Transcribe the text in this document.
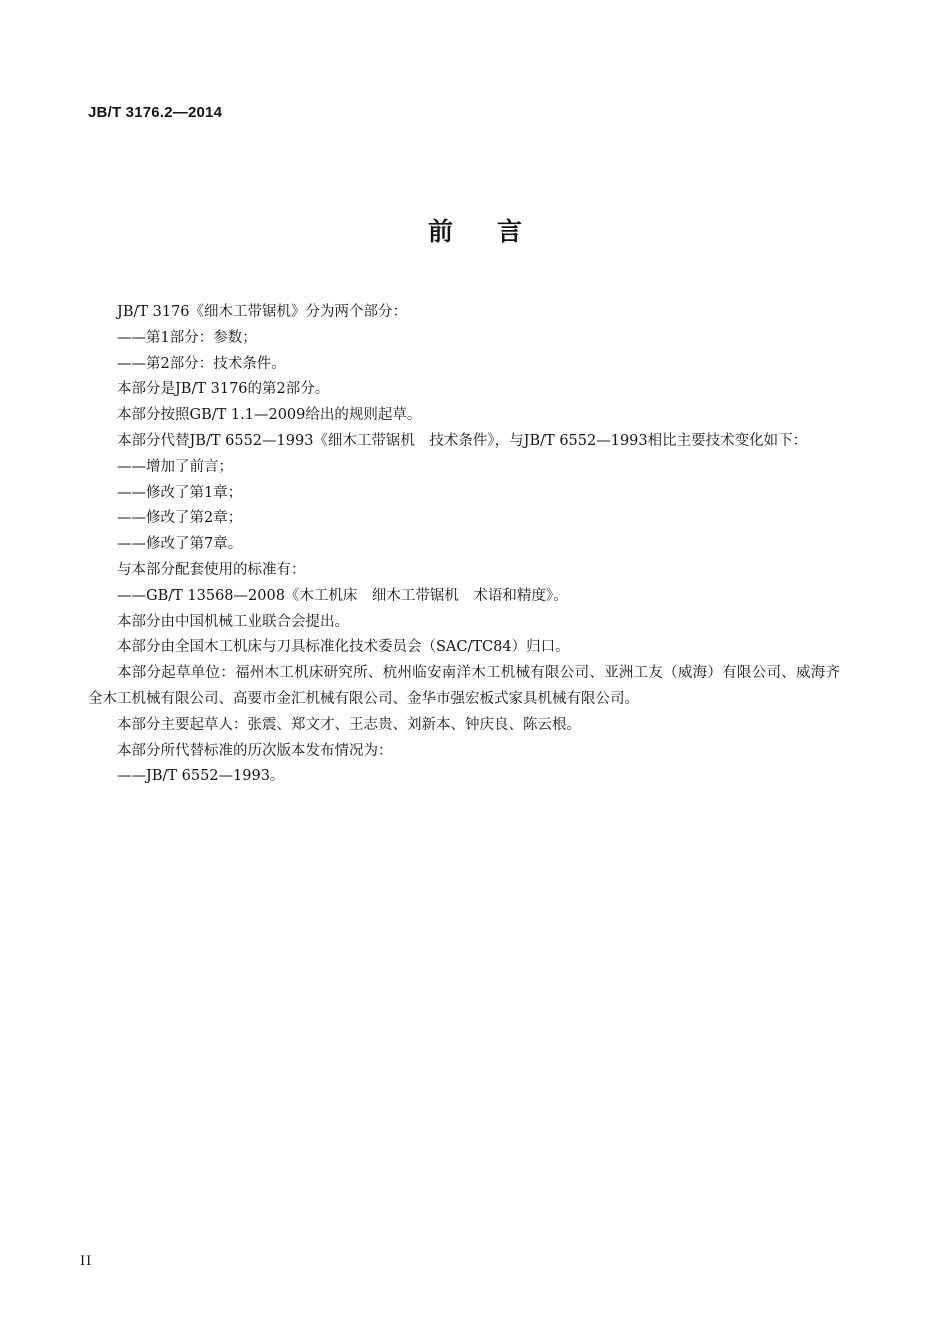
JB/T 3176.2—2014
前言

JB/T 3176《细木工带锯机》分为两个部分：

——第1部分：参数；

——第2部分：技术条件。

本部分是JB/T 3176的第2部分。

本部分按照GB/T 1.1—2009给出的规则起草。

本部分代替JB/T 6552—1993《细木工带锯机　技术条件》，与JB/T 6552—1993相比主要技术变化如下：

——增加了前言；

——修改了第1章；

——修改了第2章；

——修改了第7章。

与本部分配套使用的标准有：

——GB/T 13568—2008《木工机床　细木工带锯机　术语和精度》。

本部分由中国机械工业联合会提出。

本部分由全国木工机床与刀具标准化技术委员会（SAC/TC84）归口。

本部分起草单位：福州木工机床研究所、杭州临安南洋木工机械有限公司、亚洲工友（威海）有限公司、威海齐全木工机械有限公司、高要市金汇机械有限公司、金华市强宏板式家具机械有限公司。

本部分主要起草人：张震、郑文才、王志贵、刘新本、钟庆良、陈云根。

本部分所代替标准的历次版本发布情况为：

——JB/T 6552—1993。

II
